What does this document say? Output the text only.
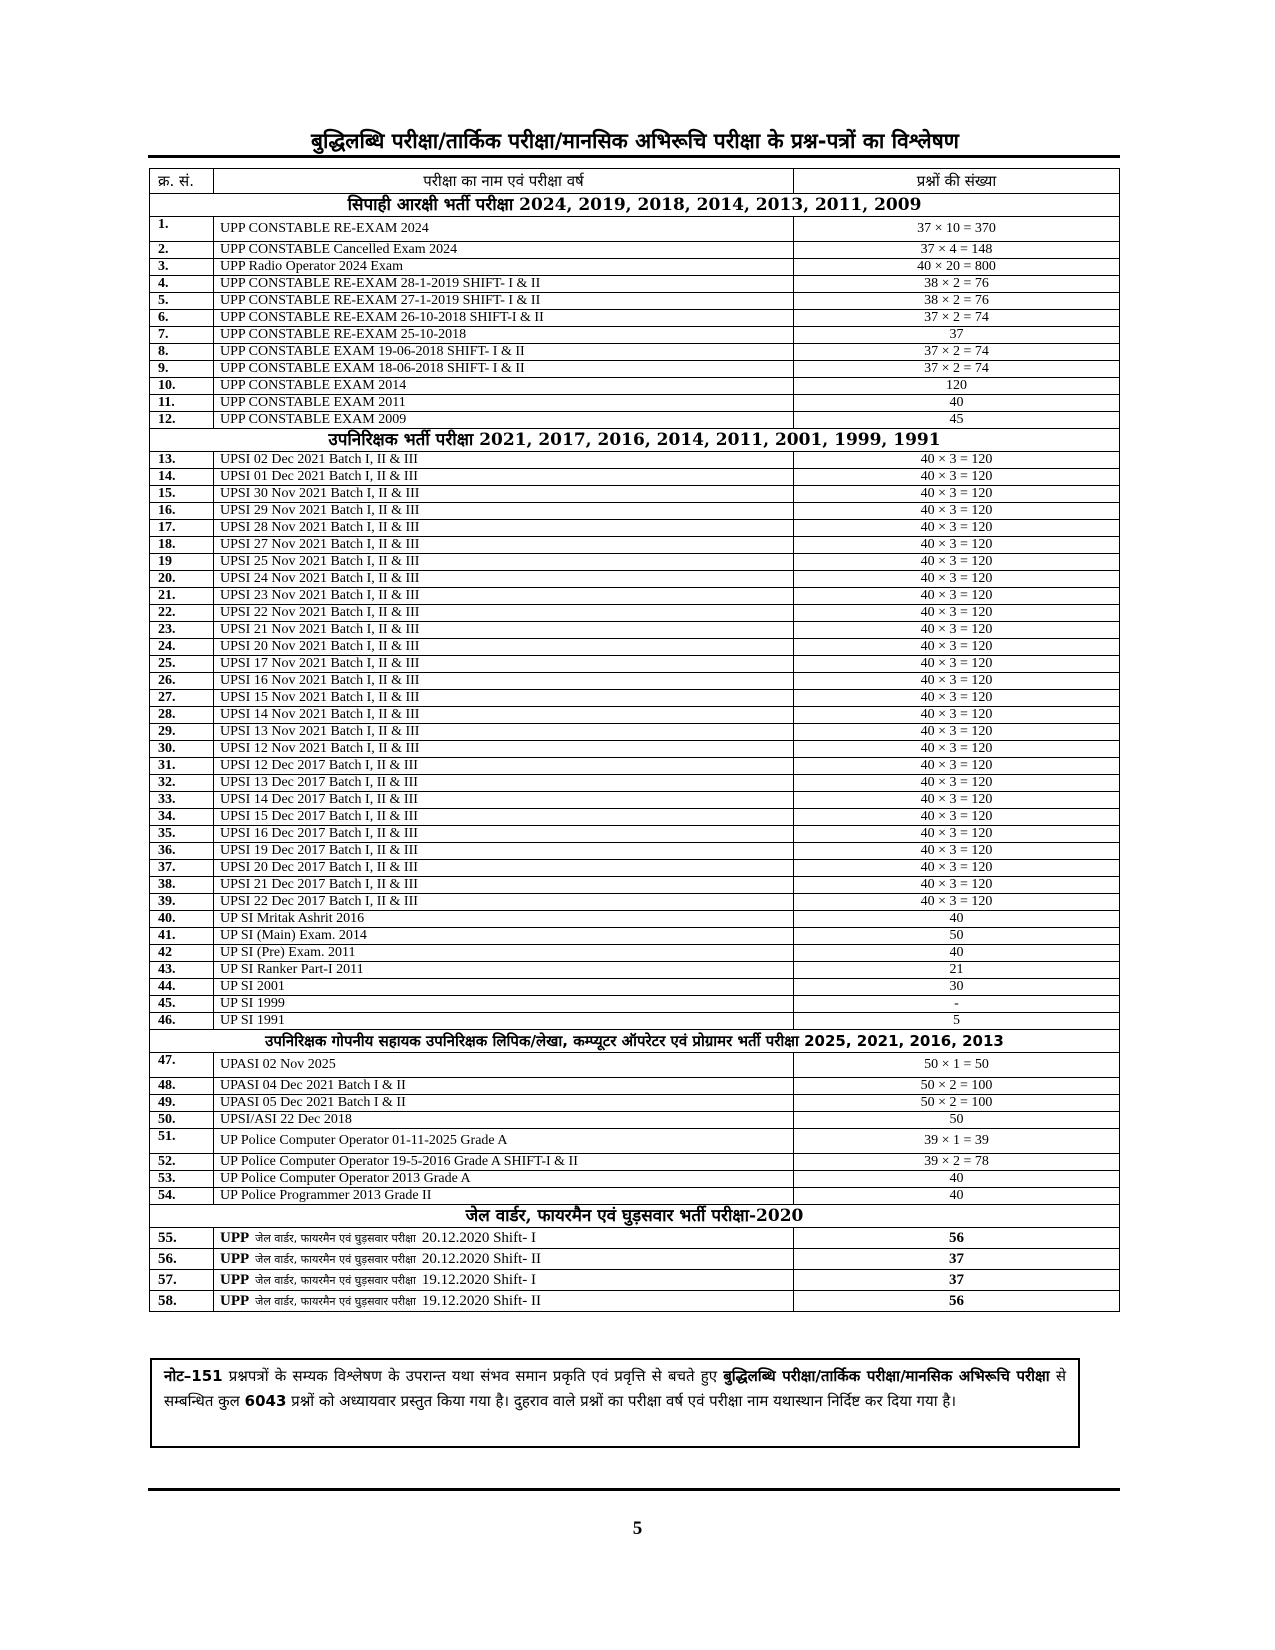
बुद्धिलब्धि परीक्षा/तार्किक परीक्षा/मानसिक अभिरूचि परीक्षा के प्रश्न-पत्रों का विश्लेषण
क्र. सं.	परीक्षा का नाम एवं परीक्षा वर्ष	प्रश्नों की संख्या
सिपाही आरक्षी भर्ती परीक्षा 2024, 2019, 2018, 2014, 2013, 2011, 2009		
1.	UPP CONSTABLE RE-EXAM 2024	37 × 10 = 370
2.	UPP CONSTABLE Cancelled Exam 2024	37 × 4 = 148
3.	UPP Radio Operator 2024 Exam	40 × 20 = 800
4.	UPP CONSTABLE RE-EXAM 28-1-2019 SHIFT- I & II	38 × 2 = 76
5.	UPP CONSTABLE RE-EXAM 27-1-2019 SHIFT- I & II	38 × 2 = 76
6.	UPP CONSTABLE RE-EXAM 26-10-2018 SHIFT-I & II	37 × 2 = 74
7.	UPP CONSTABLE RE-EXAM 25-10-2018	37
8.	UPP CONSTABLE EXAM 19-06-2018 SHIFT- I & II	37 × 2 = 74
9.	UPP CONSTABLE EXAM 18-06-2018 SHIFT- I & II	37 × 2 = 74
10.	UPP CONSTABLE EXAM 2014	120
11.	UPP CONSTABLE EXAM 2011	40
12.	UPP CONSTABLE EXAM 2009	45
उपनिरिक्षक भर्ती परीक्षा 2021, 2017, 2016, 2014, 2011, 2001, 1999, 1991		
13.	UPSI 02 Dec 2021 Batch I, II & III	40 × 3 = 120
14.	UPSI 01 Dec 2021 Batch I, II & III	40 × 3 = 120
15.	UPSI 30 Nov 2021 Batch I, II & III	40 × 3 = 120
16.	UPSI 29 Nov 2021 Batch I, II & III	40 × 3 = 120
17.	UPSI 28 Nov 2021 Batch I, II & III	40 × 3 = 120
18.	UPSI 27 Nov 2021 Batch I, II & III	40 × 3 = 120
19	UPSI 25 Nov 2021 Batch I, II & III	40 × 3 = 120
20.	UPSI 24 Nov 2021 Batch I, II & III	40 × 3 = 120
21.	UPSI 23 Nov 2021 Batch I, II & III	40 × 3 = 120
22.	UPSI 22 Nov 2021 Batch I, II & III	40 × 3 = 120
23.	UPSI 21 Nov 2021 Batch I, II & III	40 × 3 = 120
24.	UPSI 20 Nov 2021 Batch I, II & III	40 × 3 = 120
25.	UPSI 17 Nov 2021 Batch I, II & III	40 × 3 = 120
26.	UPSI 16 Nov 2021 Batch I, II & III	40 × 3 = 120
27.	UPSI 15 Nov 2021 Batch I, II & III	40 × 3 = 120
28.	UPSI 14 Nov 2021 Batch I, II & III	40 × 3 = 120
29.	UPSI 13 Nov 2021 Batch I, II & III	40 × 3 = 120
30.	UPSI 12 Nov 2021 Batch I, II & III	40 × 3 = 120
31.	UPSI 12 Dec 2017 Batch I, II & III	40 × 3 = 120
32.	UPSI 13 Dec 2017 Batch I, II & III	40 × 3 = 120
33.	UPSI 14 Dec 2017 Batch I, II & III	40 × 3 = 120
34.	UPSI 15 Dec 2017 Batch I, II & III	40 × 3 = 120
35.	UPSI 16 Dec 2017 Batch I, II & III	40 × 3 = 120
36.	UPSI 19 Dec 2017 Batch I, II & III	40 × 3 = 120
37.	UPSI 20 Dec 2017 Batch I, II & III	40 × 3 = 120
38.	UPSI 21 Dec 2017 Batch I, II & III	40 × 3 = 120
39.	UPSI 22 Dec 2017 Batch I, II & III	40 × 3 = 120
40.	UP SI Mritak Ashrit 2016	40
41.	UP SI (Main) Exam. 2014	50
42	UP SI (Pre) Exam. 2011	40
43.	UP SI Ranker Part-I 2011	21
44.	UP SI 2001	30
45.	UP SI 1999	-
46.	UP SI 1991	5
उपनिरिक्षक गोपनीय सहायक उपनिरिक्षक लिपिक/लेखा, कम्प्यूटर ऑपरेटर एवं प्रोग्रामर भर्ती परीक्षा 2025, 2021, 2016, 2013		
47.	UPASI 02 Nov 2025	50 × 1 = 50
48.	UPASI 04 Dec 2021 Batch I & II	50 × 2 = 100
49.	UPASI 05 Dec 2021 Batch I & II	50 × 2 = 100
50.	UPSI/ASI 22 Dec 2018	50
51.	UP Police Computer Operator 01-11-2025 Grade A	39 × 1 = 39
52.	UP Police Computer Operator 19-5-2016 Grade A SHIFT-I & II	39 × 2 = 78
53.	UP Police Computer Operator 2013 Grade A	40
54.	UP Police Programmer 2013 Grade II	40
जेल वार्डर, फायरमैन एवं घुड़सवार भर्ती परीक्षा-2020		
55.	UPP जेल वार्डर, फायरमैन एवं घुड़सवार परीक्षा 20.12.2020 Shift- I	56
56.	UPP जेल वार्डर, फायरमैन एवं घुड़सवार परीक्षा 20.12.2020 Shift- II	37
57.	UPP जेल वार्डर, फायरमैन एवं घुड़सवार परीक्षा 19.12.2020 Shift- I	37
58.	UPP जेल वार्डर, फायरमैन एवं घुड़सवार परीक्षा 19.12.2020 Shift- II	56
नोट–151 प्रश्नपत्रों के सम्यक विश्लेषण के उपरान्त यथा संभव समान प्रकृति एवं प्रवृत्ति से बचते हुए बुद्धिलब्धि परीक्षा/तार्किक परीक्षा/मानसिक अभिरूचि परीक्षा से सम्बन्धित कुल 6043 प्रश्नों को अध्यायवार प्रस्तुत किया गया है। दुहराव वाले प्रश्नों का परीक्षा वर्ष एवं परीक्षा नाम यथास्थान निर्दिष्ट कर दिया गया है।
5
